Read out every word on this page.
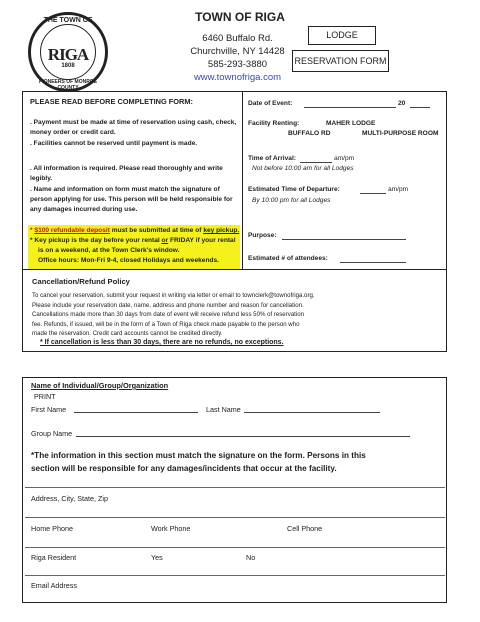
THE TOWN OF
RIGA
1808
PIONEERS OF MONROE COUNTY
TOWN OF RIGA
6460 Buffalo Rd.
Churchville, NY 14428
585-293-3880
www.townofriga.com
LODGE
RESERVATION FORM
PLEASE READ BEFORE COMPLETING FORM:
. Payment must be made at time of reservation using cash, check, money order or credit card.
. Facilities cannot be reserved until payment is made.
. All information is required. Please read thoroughly and write legibly.
. Name and information on form must match the signature of person applying for use. This person will be held responsible for any damages incurred during use.
* $100 refundable deposit must be submitted at time of key pickup.
* Key pickup is the day before your rental or FRIDAY if your rental
is on a weekend, at the Town Clerk's window.
Office hours: Mon-Fri 9-4, closed Holidays and weekends.
Date of Event:	20
Facility Renting:	MAHER LODGE
BUFFALO RD	MULTI-PURPOSE ROOM
Time of Arrival:	am/pm
Not before 10:00 am for all Lodges
Estimated Time of Departure:	am/pm
By 10:00 pm for all Lodges
Purpose:
Estimated # of attendees:
Cancellation/Refund Policy
To cancel your reservation, submit your request in writing via letter or email to townclerk@townofriga.org.
Please include your reservation date, name, address and phone number and reason for cancellation.
Cancellations made more than 30 days from date of event will receive refund less 50% of reservation
fee. Refunds, if issued, will be in the form of a Town of Riga check made payable to the person who
made the reservation. Credit card accounts cannot be credited directly.
* If cancellation is less than 30 days, there are no refunds, no exceptions.
Name of Individual/Group/Organization
PRINT
First Name	Last Name
Group Name
*The information in this section must match the signature on the form. Persons in this
section will be responsible for any damages/incidents that occur at the facility.
Address, City, State, Zip
Home Phone	Work Phone	Cell Phone
Riga Resident	Yes	No
Email Address
